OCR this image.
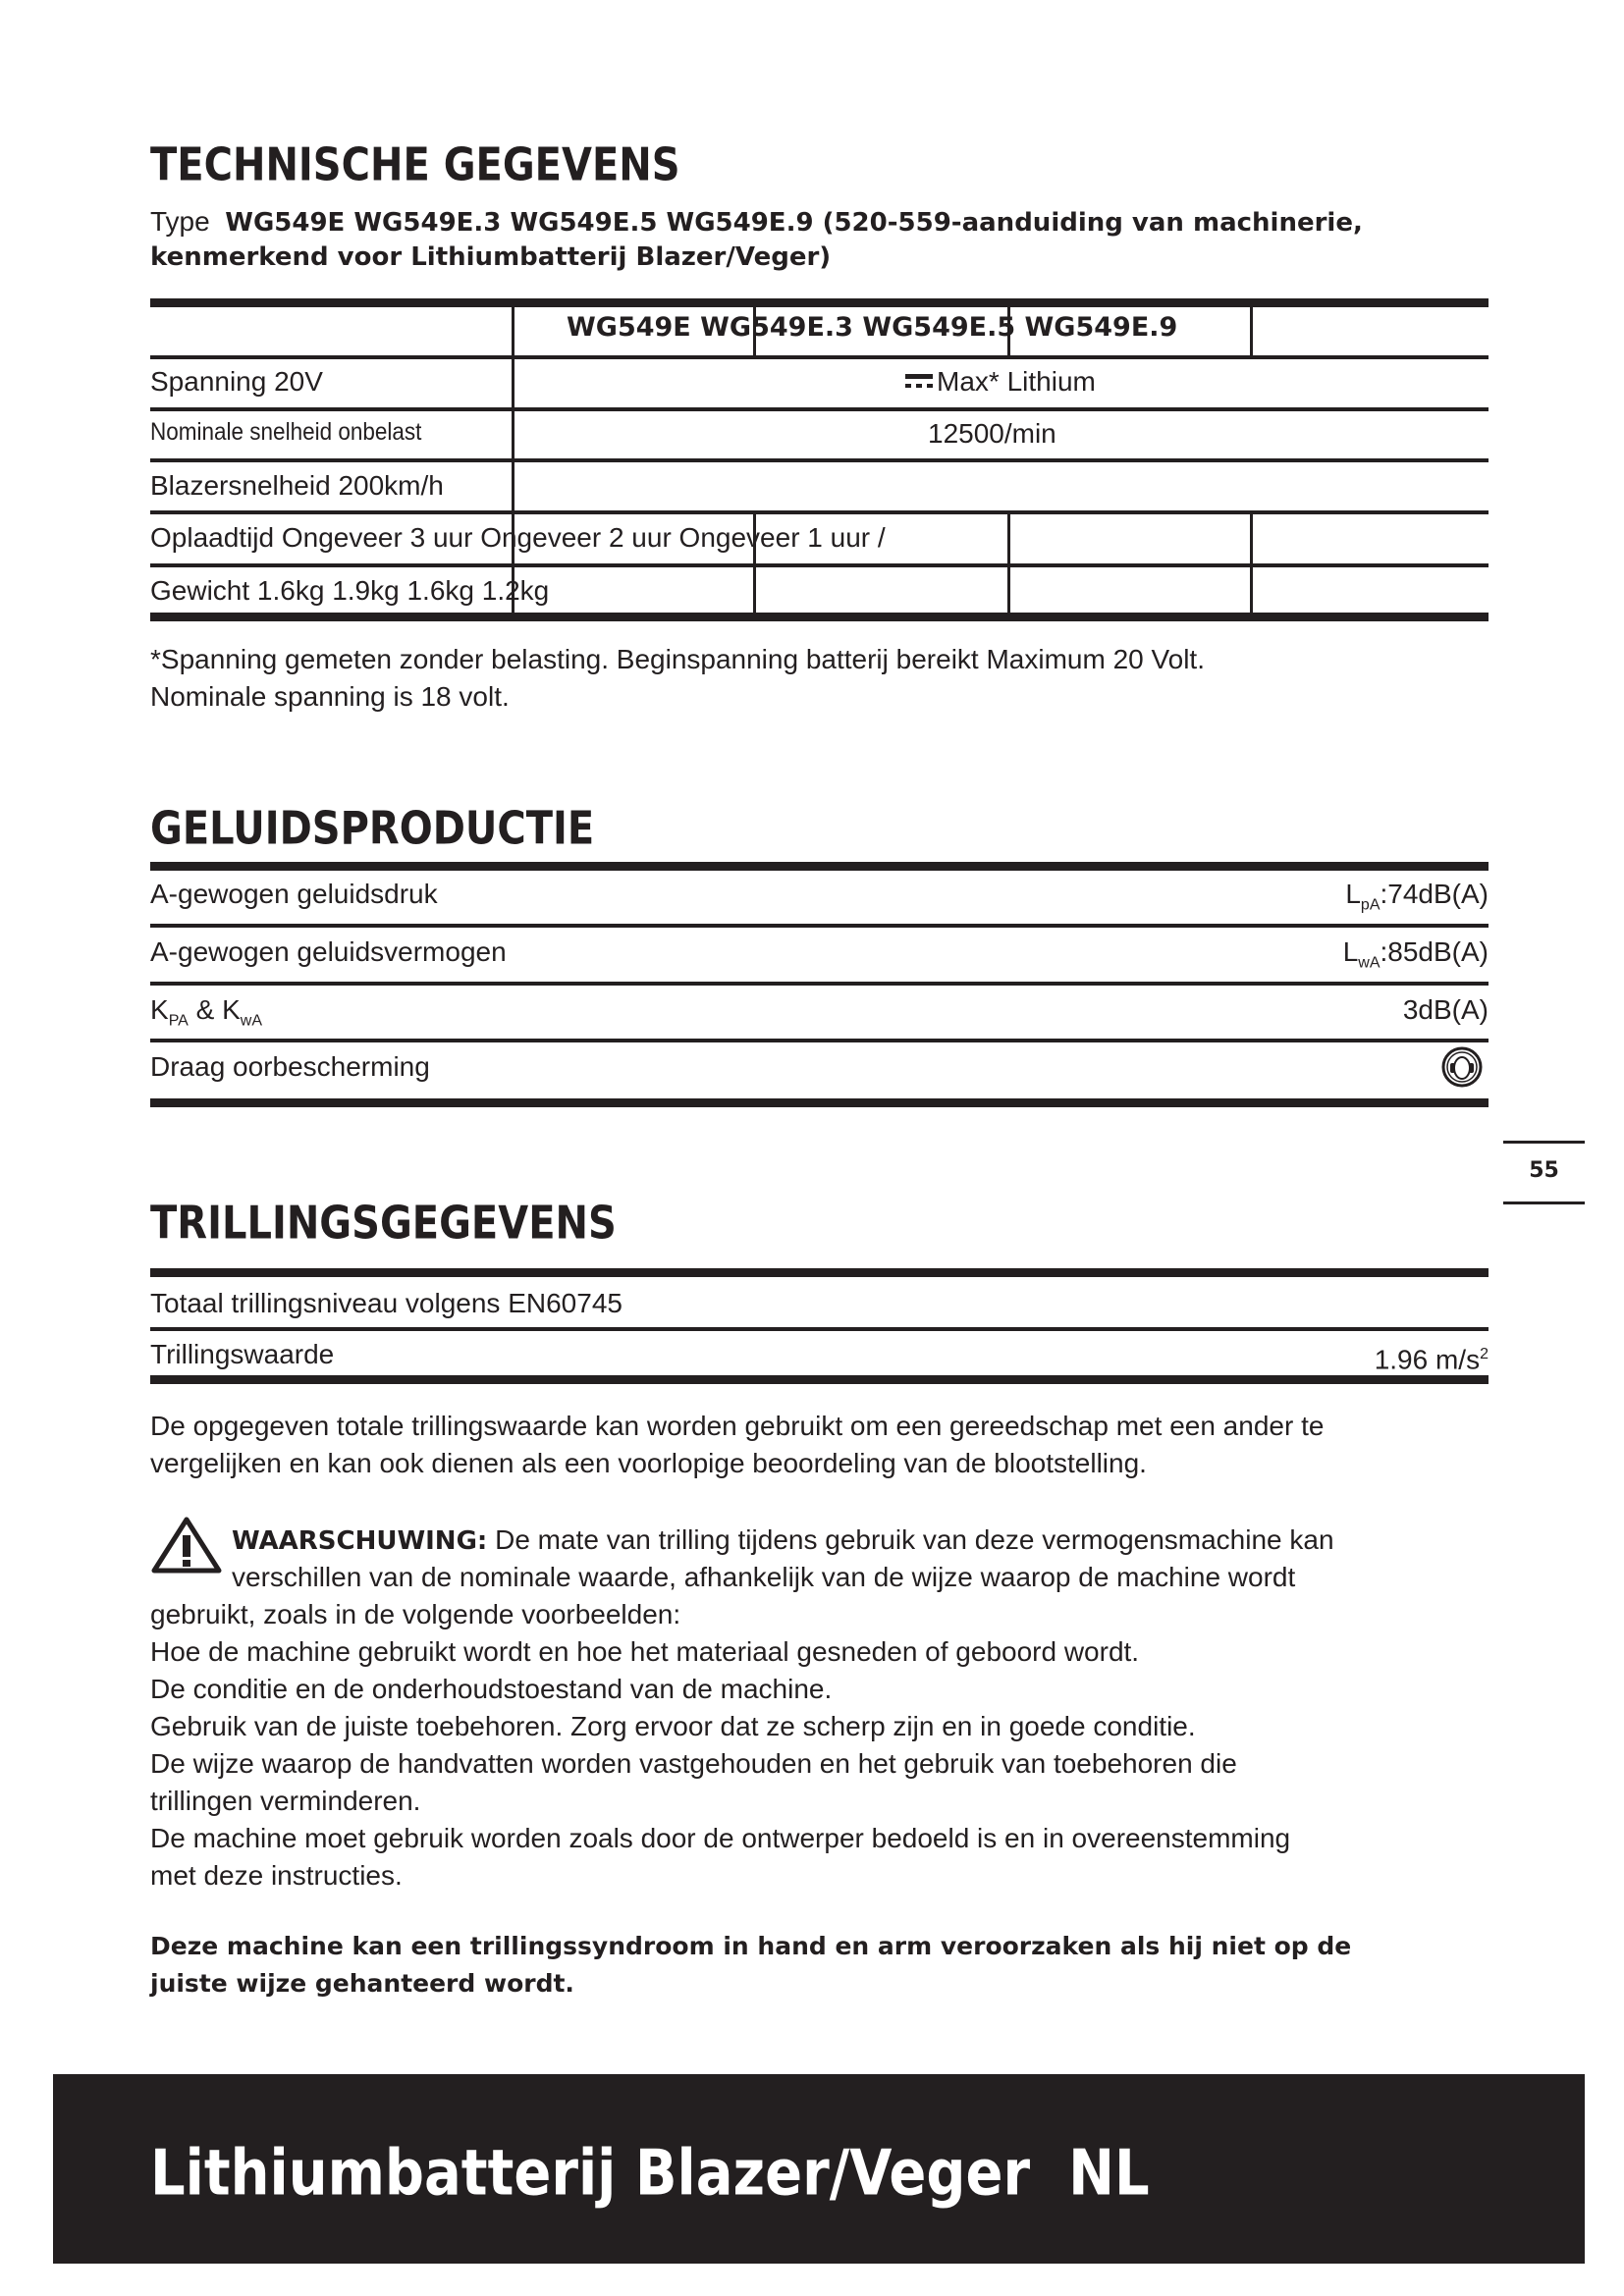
TECHNISCHE GEGEVENS
Type WG549E WG549E.3 WG549E.5 WG549E.9 (520-559-aanduiding van machinerie,
kenmerkend voor Lithiumbatterij Blazer/Veger)
WG549E WG549E.3 WG549E.5 WG549E.9
Spanning 20V	Max* Lithium
Nominale snelheid onbelast	12500/min
Blazersnelheid 200km/h
Oplaadtijd Ongeveer 3 uur Ongeveer 2 uur Ongeveer 1 uur /
Gewicht 1.6kg 1.9kg 1.6kg 1.2kg
*Spanning gemeten zonder belasting. Beginspanning batterij bereikt Maximum 20 Volt.
Nominale spanning is 18 volt.
GELUIDSPRODUCTIE
A-gewogen geluidsdruk	$L_{pA}:74dB(A)$
A-gewogen geluidsvermogen	$L_{wA}:85dB(A)$
$K_{PA}$ & $K_{wA}$	3dB(A)
Draag oorbescherming
55
TRILLINGSGEGEVENS
Totaal trillingsniveau volgens EN60745
Trillingswaarde	1.96 $m/s^2$
De opgegeven totale trillingswaarde kan worden gebruikt om een gereedschap met een ander te
vergelijken en kan ook dienen als een voorlopige beoordeling van de blootstelling.
WAARSCHUWING: De mate van trilling tijdens gebruik van deze vermogensmachine kan
verschillen van de nominale waarde, afhankelijk van de wijze waarop de machine wordt
gebruikt, zoals in de volgende voorbeelden:
Hoe de machine gebruikt wordt en hoe het materiaal gesneden of geboord wordt.
De conditie en de onderhoudstoestand van de machine.
Gebruik van de juiste toebehoren. Zorg ervoor dat ze scherp zijn en in goede conditie.
De wijze waarop de handvatten worden vastgehouden en het gebruik van toebehoren die
trillingen verminderen.
De machine moet gebruik worden zoals door de ontwerper bedoeld is en in overeenstemming
met deze instructies.
Deze machine kan een trillingssyndroom in hand en arm veroorzaken als hij niet op de
juiste wijze gehanteerd wordt.
Lithiumbatterij Blazer/Veger  NL
